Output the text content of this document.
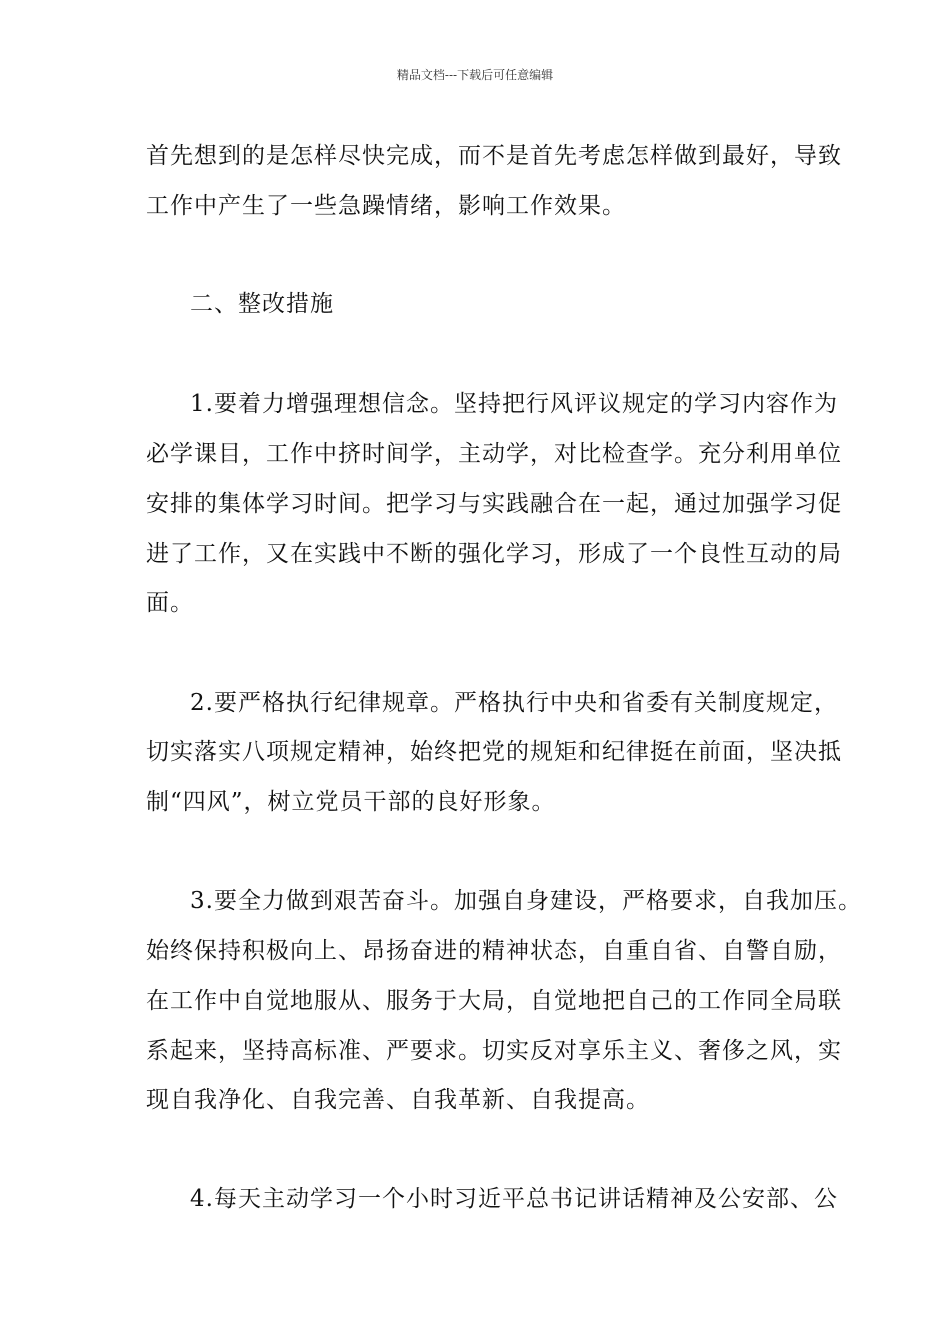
精品文档---下载后可任意编辑
首先想到的是怎样尽快完成，而不是首先考虑怎样做到最好，导致
工作中产生了一些急躁情绪，影响工作效果。
二、整改措施
1.要着力增强理想信念。坚持把行风评议规定的学习内容作为
必学课目，工作中挤时间学，主动学，对比检查学。充分利用单位
安排的集体学习时间。把学习与实践融合在一起，通过加强学习促
进了工作，又在实践中不断的强化学习，形成了一个良性互动的局
面。
2.要严格执行纪律规章。严格执行中央和省委有关制度规定，
切实落实八项规定精神，始终把党的规矩和纪律挺在前面，坚决抵
制“四风”，树立党员干部的良好形象。
3.要全力做到艰苦奋斗。加强自身建设，严格要求，自我加压。
始终保持积极向上、昂扬奋进的精神状态，自重自省、自警自励，
在工作中自觉地服从、服务于大局，自觉地把自己的工作同全局联
系起来，坚持高标准、严要求。切实反对享乐主义、奢侈之风，实
现自我净化、自我完善、自我革新、自我提高。
4.每天主动学习一个小时习近平总书记讲话精神及公安部、公
